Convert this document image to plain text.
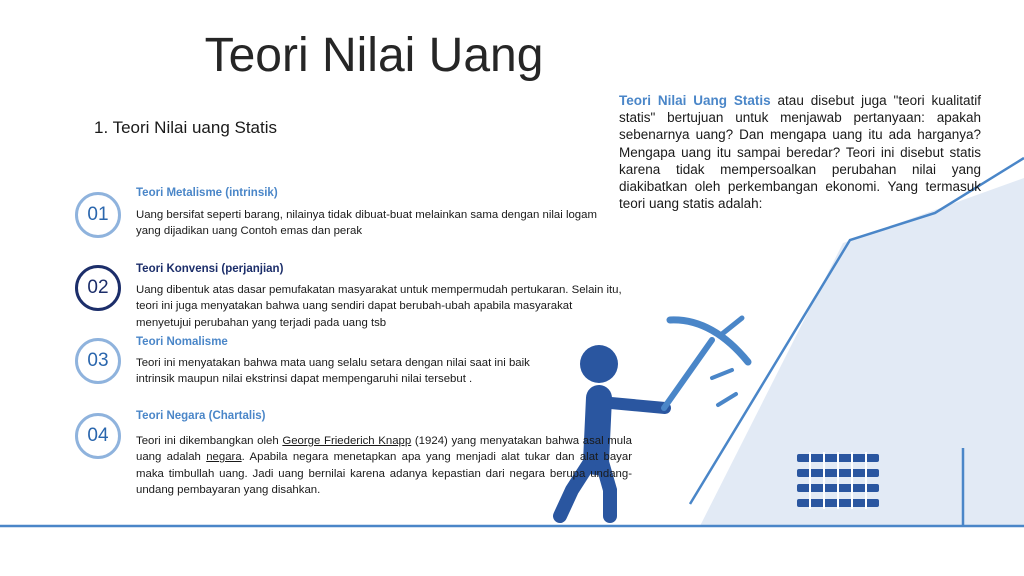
Teori Nilai Uang
1. Teori Nilai uang Statis
Teori Nilai Uang Statis atau disebut juga "teori kualitatif statis" bertujuan untuk menjawab pertanyaan: apakah sebenarnya uang? Dan mengapa uang itu ada harganya? Mengapa uang itu sampai beredar? Teori ini disebut statis karena tidak mempersoalkan perubahan nilai yang diakibatkan oleh perkembangan ekonomi. Yang termasuk teori uang statis adalah:
01
Teori Metalisme (intrinsik)
Uang bersifat seperti barang, nilainya tidak dibuat-buat melainkan sama dengan nilai logam yang dijadikan uang Contoh emas dan perak
02
Teori Konvensi (perjanjian)
Uang dibentuk atas dasar pemufakatan masyarakat untuk mempermudah pertukaran. Selain itu, teori ini juga menyatakan bahwa uang sendiri dapat berubah-ubah apabila masyarakat menyetujui perubahan yang terjadi pada uang tsb
03
Teori Nomalisme
Teori ini menyatakan bahwa mata uang selalu setara dengan nilai saat ini baik intrinsik maupun nilai ekstrinsi dapat mempengaruhi nilai tersebut .
04
Teori Negara (Chartalis)
Teori ini dikembangkan oleh George Friederich Knapp (1924) yang menyatakan bahwa asal mula uang adalah negara. Apabila negara menetapkan apa yang menjadi alat tukar dan alat bayar maka timbullah uang. Jadi uang bernilai karena adanya kepastian dari negara berupa undang-undang pembayaran yang disahkan.
